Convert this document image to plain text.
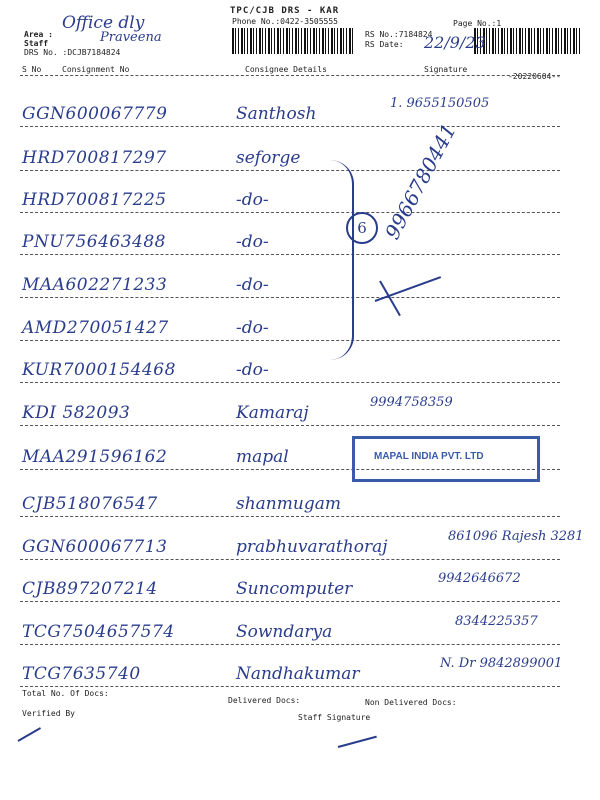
TPC/CJB DRS - KAR
Phone No.:0422-3505555	Page No.:1
RS No.:7184824
RS Date: 22/9/23
Area :
Staff
DRS No. :DCJB7184824
Office dly
Praveena
S No	Consignment No	Consignee Details	Signature
-20220604--
GGN600067779	Santhosh
1. 9655150505
HRD700817297	seforge
HRD700817225	-do-
PNU756463488	-do-
MAA602271233	-do-
AMD270051427	-do-
KUR7000154468	-do-
KDI 582093	Kamaraj
9994758359
MAA291596162	mapal
CJB518076547	shanmugam
GGN600067713	prabhuvarathoraj
861096 Rajesh 3281
CJB897207214	Suncomputer
9942646672
TCG7504657574	Sowndarya
8344225357
TCG7635740	Nandhakumar
N. Dr 9842899001
6 9966780441
MAPAL INDIA PVT. LTD
Total No. Of Docs:
Delivered Docs:	Non Delivered Docs:
Verified By	Staff Signature
